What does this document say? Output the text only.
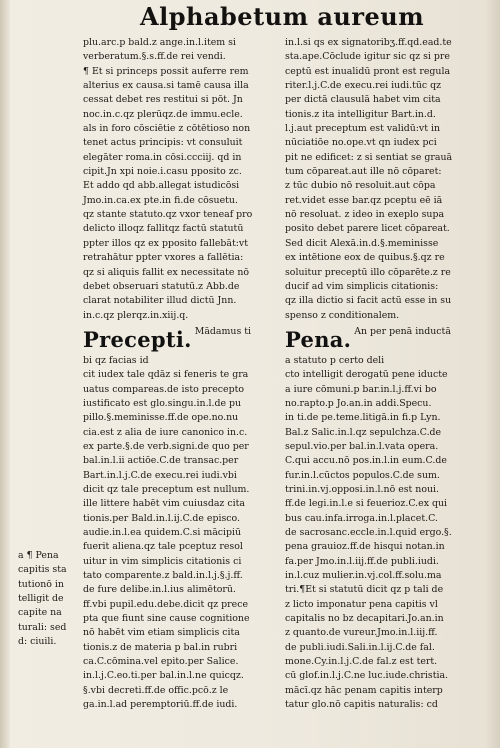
Alphabetum aureum
plu.arc.p bald.z ange.in.l.item si
verberatum.§.s.ff.de rei vendi.
¶ Et si princeps possit auferre rem
alterius ex causa.si tamē causa illa
cessat debet res restitui si pōt. Jn
noc.in.c.qz plerūqz.de immu.ecle.
als in foro cōsciētie z cōtētioso non
tenet actus principis: vt consuluit
elegāter roma.in cōsi.ccciij. qd in
cipit.Jn xpi noie.i.casu pposito zc.
Et addo qd abb.allegat istudicōsi
Jmo.in.ca.ex pte.in fi.de cōsuetu.
qz stante statuto.qz vxor teneaf pro
delicto illoqz fallitqz factū statutū
ppter illos qz ex pposito fallebāt:vt
retrahātur ppter vxores a fallētia:
qz si aliquis fallit ex necessitate nō
debet obseruari statutū.z Abb.de
clarat notabiliter illud dictū Jnn.
in.c.qz plerqz.in.xiij.q.
Precepti. Mādamus ti
bi qz facias id
cit iudex tale qdāz si feneris te gra
uatus compareas.de isto precepto
iustificato est glo.singu.in.l.de pu
pillo.§.meminisse.ff.de ope.no.nu
cia.est z alia de iure canonico in.c.
ex parte.§.de verb.signi.de quo per
bal.in.l.ii actiōe.C.de transac.per
Bart.in.l.j.C.de execu.rei iudi.vbi
dicit qz tale preceptum est nullum.
ille littere habēt vim cuiusdaz cita
tionis.per Bald.in.l.ij.C.de episco.
audie.in.l.ea quidem.C.si mācipiū
fuerit aliena.qz tale pceptuz resol
uitur in vim simplicis citationis ci
tato comparente.z bald.in.l.j.§.j.ff.
de fure delibe.in.l.ius alimētorū.
ff.vbi pupil.edu.debe.dicit qz prece
pta que fiunt sine cause cognitione
nō habēt vim etiam simplicis cita
tionis.z de materia p bal.in rubri
ca.C.cōmina.vel epito.per Salice.
in.l.j.C.eo.ti.per bal.in.l.ne quicqz.
§.vbi decreti.ff.de offic.pcō.z le
ga.in.l.ad peremptoriū.ff.de iudi.
in.l.si qs ex signatoribʒ.ff.qd.ead.te
sta.ape.Cōclude igitur sic qz si pre
ceptū est inualidū pront est regula
riter.l.j.C.de execu.rei iudi.tūc qz
per dictā clausulā habet vim cita
tionis.z ita intelligitur Bart.in.d.
l.j.aut preceptum est validū:vt in
nūciatiōe no.ope.vt qn iudex pci
pit ne edificet: z si sentiat se grauā
tum cōpareat.aut ille nō cōparet:
z tūc dubio nō resoluit.aut cōpa
ret.videt esse bar.qz pceptu eē iā
nō resoluat. z ideo in exeplo supa
posito debet parere licet cōpareat.
Sed dicit Alexā.in.d.§.meminisse
ex intētione eox de quibus.§.qz re
soluitur preceptū illo cōparēte.z re
ducif ad vim simplicis citationis:
qz illa dictio si facit actū esse in su
spenso z conditionalem.
Pena. An per penā inductā
a statuto p certo deli
cto intelligit derogatū pene iducte
a iure cōmuni.p bar.in.l.j.ff.vi bo
no.rapto.p Jo.an.in addi.Specu.
in ti.de pe.teme.litigā.in fi.p Lyn.
Bal.z Salic.in.l.qz sepulchza.C.de
sepul.vio.per bal.in.l.vata opera.
C.qui accu.nō pos.in.l.in eum.C.de
fur.in.l.cūctos populos.C.de sum.
trini.in.vj.opposi.in.l.nō est noui.
ff.de legi.in.l.e si feuerioz.C.ex qui
bus cau.infa.irroga.in.l.placet.C.
de sacrosanc.eccle.in.l.quid ergo.§.
pena grauioz.ff.de hisqui notan.in
fa.per Jmo.in.l.iij.ff.de publi.iudi.
in.l.cuz mulier.in.vj.col.ff.solu.ma
tri.¶Et si statutū dicit qz p tali de
z licto imponatur pena capitis vl
capitalis no bz decapitari.Jo.an.in
z quanto.de vureur.Jmo.in.l.iij.ff.
de publi.iudi.Sali.in.l.ij.C.de fal.
mone.Cy.in.l.j.C.de fal.z est tert.
cū glof.in.l.j.C.ne luc.iude.christia.
mācī.qz hāc penam capitis interp
tatur glo.nō capitis naturalis: cd
a ¶ Pena
capitis sta
tutionō in
telligit de
capite na
turali: sed
d: ciuili.
